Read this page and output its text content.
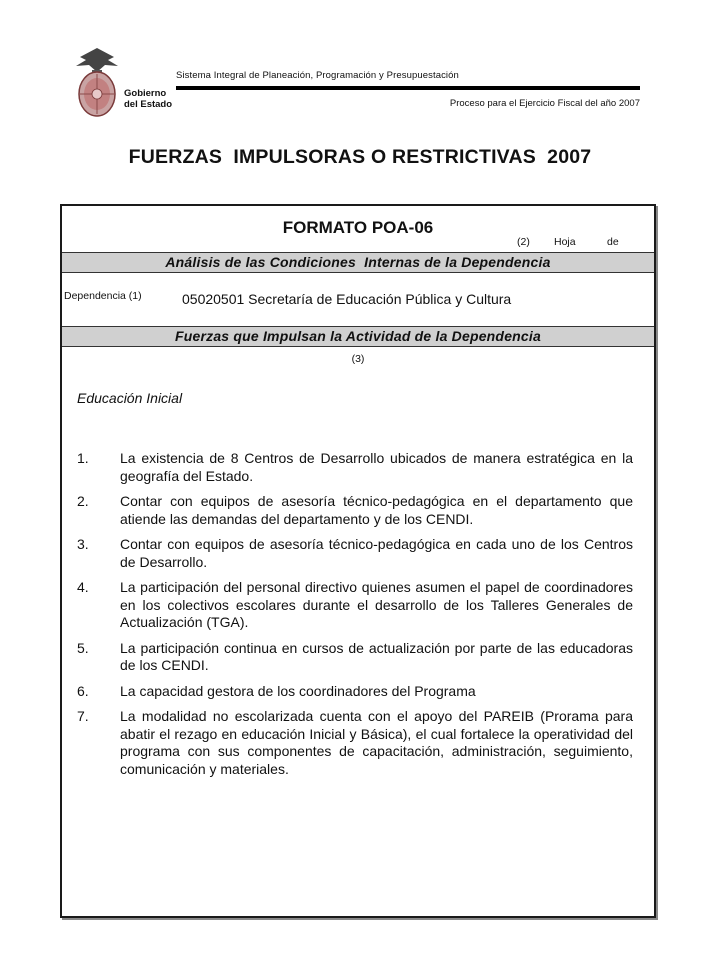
Gobierno
del Estado
Sistema Integral de Planeación, Programación y Presupuestación
Proceso para el Ejercicio Fiscal del año 2007
FUERZAS  IMPULSORAS O RESTRICTIVAS  2007
FORMATO POA-06
(2) Hoja	de
Análisis de las Condiciones  Internas de la Dependencia
Dependencia (1)	05020501 Secretaría de Educación Pública y Cultura
Fuerzas que Impulsan la Actividad de la Dependencia
(3)
Educación Inicial
1.	La existencia de 8 Centros de Desarrollo ubicados de manera estratégica en la geografía del Estado.
2.	Contar con equipos de asesoría técnico-pedagógica en el departamento que atiende las demandas del departamento y de los CENDI.
3.	Contar con equipos de asesoría técnico-pedagógica en cada uno de los Centros de Desarrollo.
4.	La participación del personal directivo quienes asumen el papel de coordinadores en los colectivos escolares durante el desarrollo de los Talleres Generales de Actualización (TGA).
5.	La participación continua en cursos de actualización por parte de las educadoras de los CENDI.
6.	La capacidad gestora de los coordinadores del Programa
7.	La modalidad no escolarizada cuenta con el apoyo del PAREIB (Prorama para abatir el rezago en educación Inicial y Básica), el cual fortalece la operatividad del programa con sus componentes de capacitación, administración, seguimiento, comunicación y materiales.
